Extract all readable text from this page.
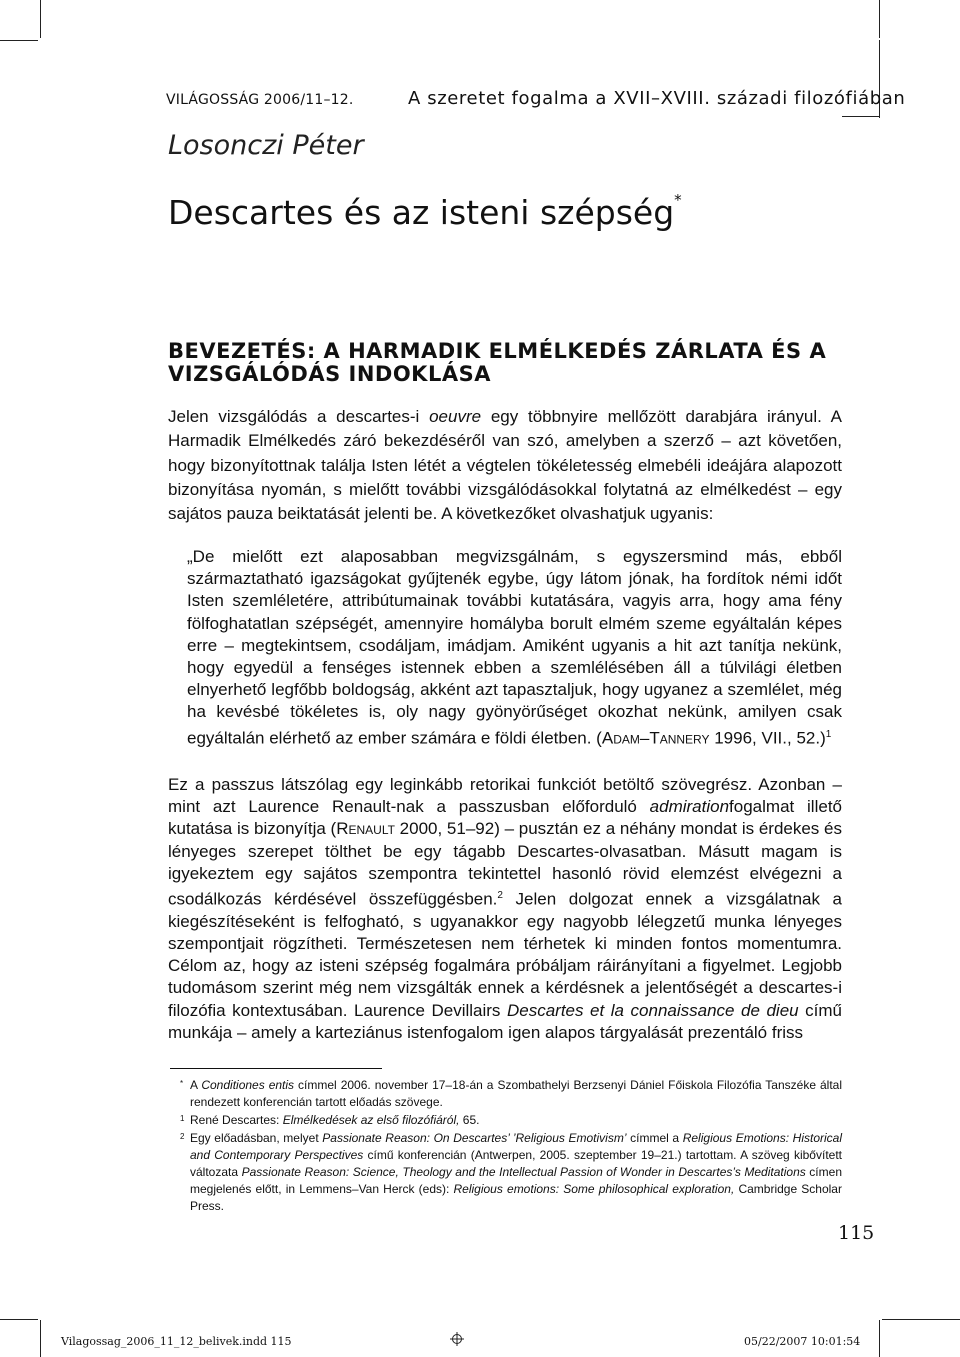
VILÁGOSSÁG 2006/11–12.	A szeretet fogalma a XVII–XVIII. századi filozófiában
Losonczi Péter
Descartes és az isteni szépség*
BEVEZETÉS: A HARMADIK ELMÉLKEDÉS ZÁRLATA ÉS A VIZSGÁLÓDÁS INDOKLÁSA
Jelen vizsgálódás a descartes-i oeuvre egy többnyire mellőzött darabjára irányul. A Harmadik Elmélkedés záró bekezdéséről van szó, amelyben a szerző – azt követően, hogy bizonyítottnak találja Isten létét a végtelen tökéletesség elmebéli ideájára alapozott bizonyítása nyomán, s mielőtt további vizsgálódásokkal folytatná az elmélkedést – egy sajátos pauza beiktatását jelenti be. A következőket olvashatjuk ugyanis:
„De mielőtt ezt alaposabban megvizsgálnám, s egyszersmind más, ebből származtatható igazságokat gyűjtenék egybe, úgy látom jónak, ha fordítok némi időt Isten szemléletére, attribútumainak további kutatására, vagyis arra, hogy ama fény fölfoghatatlan szépségét, amennyire homályba borult elmém szeme egyáltalán képes erre – megtekintsem, csodáljam, imádjam. Amiként ugyanis a hit azt tanítja nekünk, hogy egyedül a fenséges istennek ebben a szemlélésében áll a túlvilági életben elnyerhető legfőbb boldogság, akként azt tapasztaljuk, hogy ugyanez a szemlélet, még ha kevésbé tökéletes is, oly nagy gyönyörűséget okozhat nekünk, amilyen csak egyáltalán elérhető az ember számára e földi életben. (Adam–Tannery 1996, VII., 52.)$^1$
Ez a passzus látszólag egy leginkább retorikai funkciót betöltő szövegrész. Azonban – mint azt Laurence Renault-nak a passzusban előforduló admirationfogalmat illető kutatása is bizonyítja (Renault 2000, 51–92) – pusztán ez a néhány mondat is érdekes és lényeges szerepet tölthet be egy tágabb Descartes-olvasatban. Másutt magam is igyekeztem egy sajátos szempontra tekintettel hasonló rövid elemzést elvégezni a csodálkozás kérdésével összefüggésben.$^2$ Jelen dolgozat ennek a vizsgálatnak a kiegészítéseként is felfogható, s ugyanakkor egy nagyobb lélegzetű munka lényeges szempontjait rögzítheti. Természetesen nem térhetek ki minden fontos momentumra. Célom az, hogy az isteni szépség fogalmára próbáljam ráirányítani a figyelmet. Legjobb tudomásom szerint még nem vizsgálták ennek a kérdésnek a jelentőségét a descartes-i filozófia kontextusában. Laurence Devillairs Descartes et la connaissance de dieu című munkája – amely a karteziánus istenfogalom igen alapos tárgyalását prezentáló friss
* A Conditiones entis címmel 2006. november 17–18-án a Szombathelyi Berzsenyi Dániel Főiskola Filozófia Tanszéke által rendezett konferencián tartott előadás szövege.
1 René Descartes: Elmélkedések az első filozófiáról, 65.
2 Egy előadásban, melyet Passionate Reason: On Descartes’ ’Religious Emotivism’ címmel a Religious Emotions: Historical and Contemporary Perspectives című konferencián (Antwerpen, 2005. szeptember 19–21.) tartottam. A szöveg kibővített változata Passionate Reason: Science, Theology and the Intellectual Passion of Wonder in Descartes’s Meditations címen megjelenés előtt, in Lemmens–Van Herck (eds): Religious emotions: Some philosophical exploration, Cambridge Scholar Press.
115
Vilagossag_2006_11_12_belivek.indd 115	05/22/2007 10:01:54
